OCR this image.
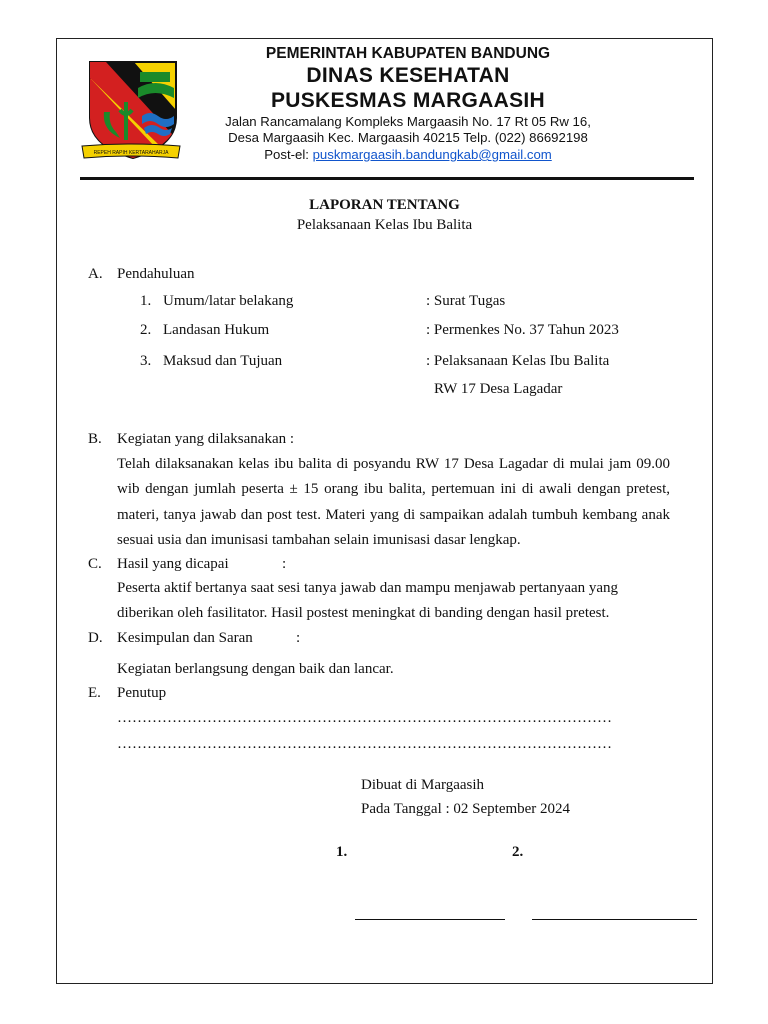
REPEH RAPIH KERTARAHARJA
PEMERINTAH KABUPATEN BANDUNG
DINAS KESEHATAN
PUSKESMAS MARGAASIH
Jalan Rancamalang Kompleks Margaasih No. 17 Rt 05 Rw 16,
Desa Margaasih Kec. Margaasih 40215 Telp. (022) 86692198
Post-el: puskmargaasih.bandungkab@gmail.com
LAPORAN TENTANG
Pelaksanaan Kelas Ibu Balita
A. Pendahuluan
1. Umum/latar belakang	: Surat Tugas
2. Landasan Hukum	: Permenkes No. 37 Tahun 2023
3. Maksud dan Tujuan	: Pelaksanaan Kelas Ibu Balita
RW 17 Desa Lagadar
B. Kegiatan yang dilaksanakan :
Telah dilaksanakan kelas ibu balita di posyandu RW 17 Desa Lagadar di mulai jam 09.00 wib dengan jumlah peserta ± 15 orang ibu balita, pertemuan ini di awali dengan pretest, materi, tanya jawab dan post test. Materi yang di sampaikan adalah tumbuh kembang anak sesuai usia dan imunisasi tambahan selain imunisasi dasar lengkap.
C. Hasil yang dicapai	:
Peserta aktif bertanya saat sesi tanya jawab dan mampu menjawab pertanyaan yang diberikan oleh fasilitator. Hasil postest meningkat di banding dengan hasil pretest.
D. Kesimpulan dan Saran	:
Kegiatan berlangsung dengan baik dan lancar.
E. Penutup
………………………………………………………………………………………
………………………………………………………………………………………
Dibuat di Margaasih
Pada Tanggal : 02 September 2024
1.	2.
